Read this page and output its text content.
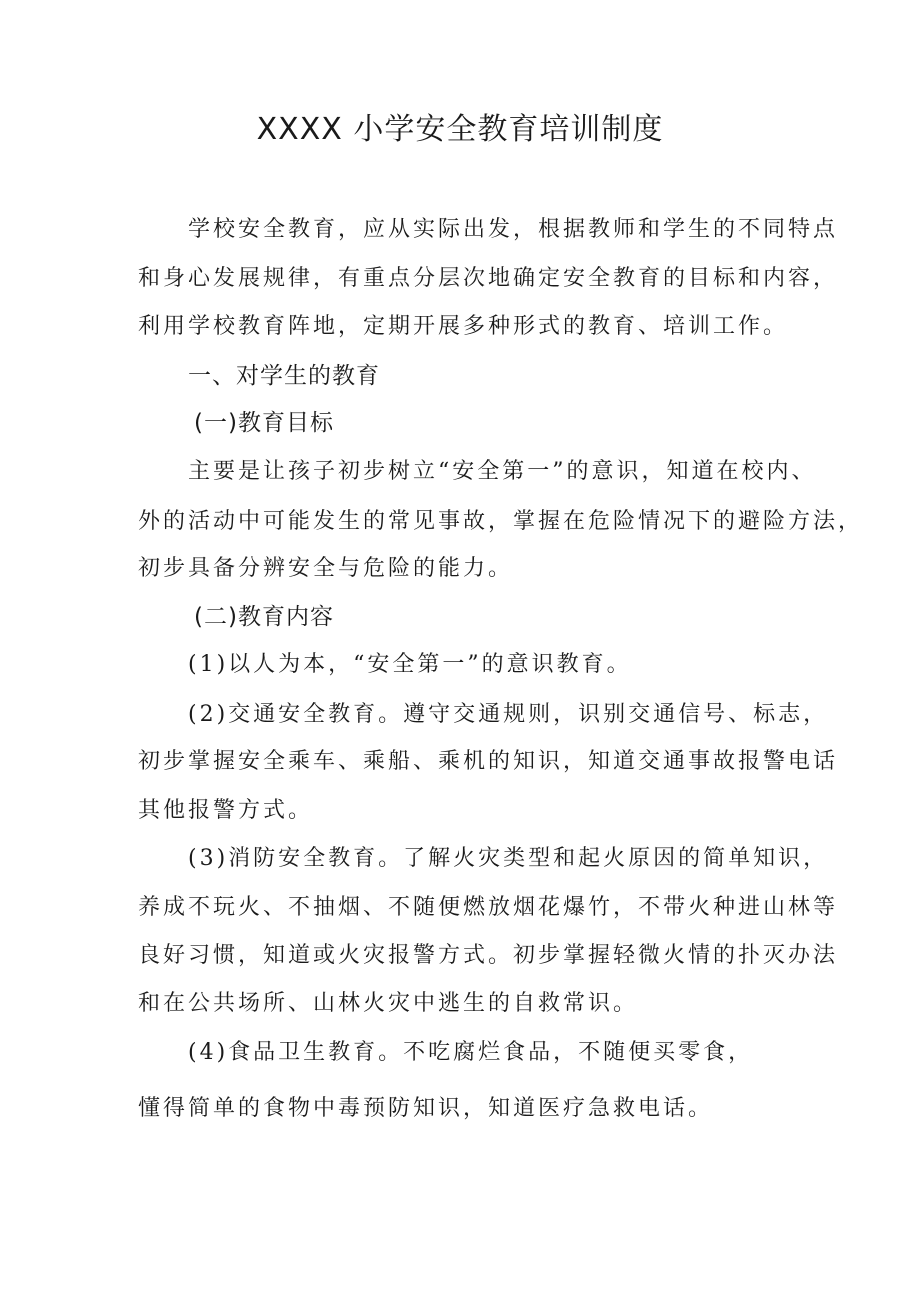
XXXX 小学安全教育培训制度
学校安全教育，应从实际出发，根据教师和学生的不同特点
和身心发展规律，有重点分层次地确定安全教育的目标和内容，
利用学校教育阵地，定期开展多种形式的教育、培训工作。
一、对学生的教育
(一)教育目标
主要是让孩子初步树立“安全第一”的意识，知道在校内、
外的活动中可能发生的常见事故，掌握在危险情况下的避险方法，
初步具备分辨安全与危险的能力。
(二)教育内容
(1)以人为本，“安全第一”的意识教育。
(2)交通安全教育。遵守交通规则，识别交通信号、标志，
初步掌握安全乘车、乘船、乘机的知识，知道交通事故报警电话
其他报警方式。
(3)消防安全教育。了解火灾类型和起火原因的简单知识，
养成不玩火、不抽烟、不随便燃放烟花爆竹，不带火种进山林等
良好习惯，知道或火灾报警方式。初步掌握轻微火情的扑灭办法
和在公共场所、山林火灾中逃生的自救常识。
(4)食品卫生教育。不吃腐烂食品，不随便买零食，
懂得简单的食物中毒预防知识，知道医疗急救电话。
